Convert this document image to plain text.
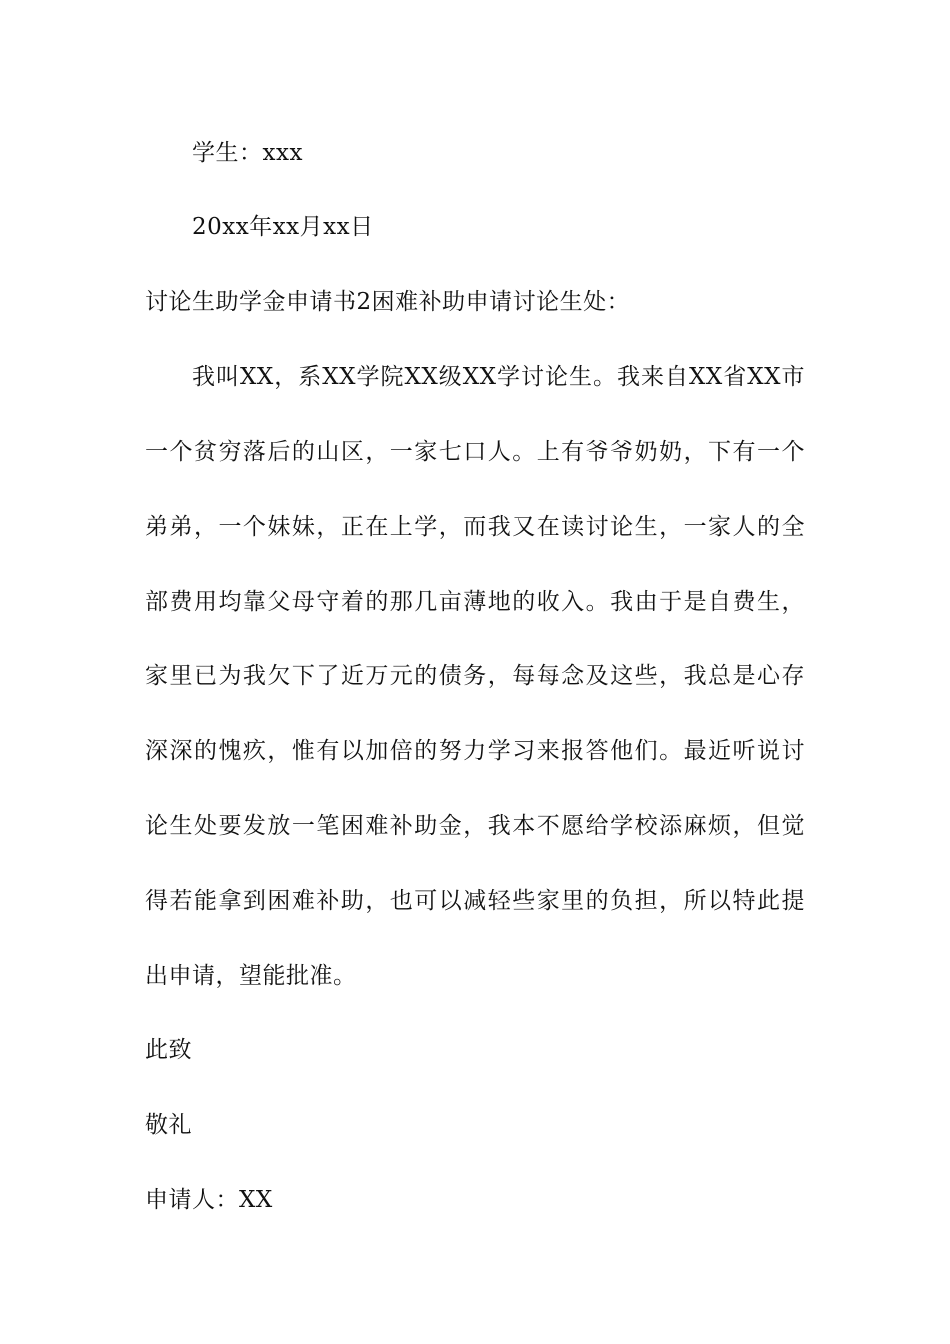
学生：xxx
20xx年xx月xx日
讨论生助学金申请书2困难补助申请讨论生处：
我叫XX，系XX学院XX级XX学讨论生。我来自XX省XX市
一个贫穷落后的山区，一家七口人。上有爷爷奶奶，下有一个
弟弟，一个妹妹，正在上学，而我又在读讨论生，一家人的全
部费用均靠父母守着的那几亩薄地的收入。我由于是自费生，
家里已为我欠下了近万元的债务，每每念及这些，我总是心存
深深的愧疚，惟有以加倍的努力学习来报答他们。最近听说讨
论生处要发放一笔困难补助金，我本不愿给学校添麻烦，但觉
得若能拿到困难补助，也可以减轻些家里的负担，所以特此提
出申请，望能批准。
此致
敬礼
申请人：XX
